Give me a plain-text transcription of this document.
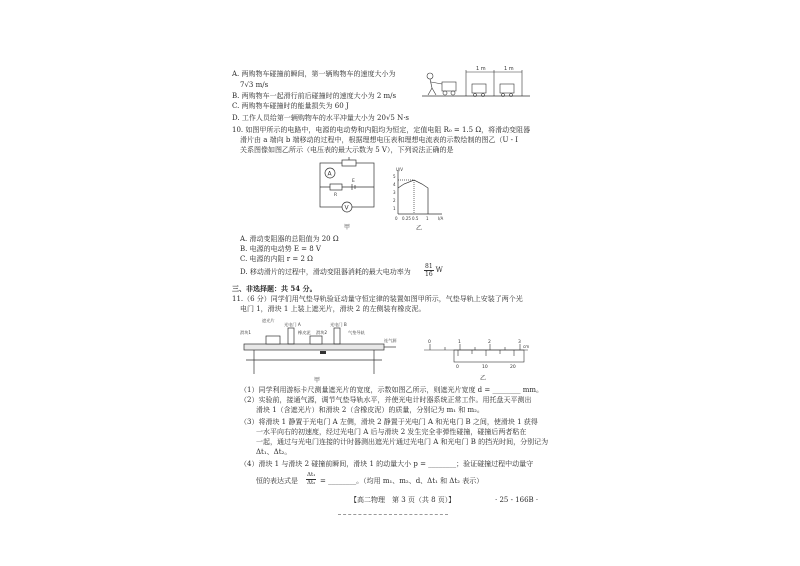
A. 两购物车碰撞前瞬间，第一辆购物车的速度大小为
7√3 m/s
B. 两购物车一起滑行前后碰撞时的速度大小为 2 m/s
C. 两购物车碰撞时的能量损失为 60 J
D. 工作人员给第一辆购物车的水平冲量大小为 20√5 N·s
1 m	1 m
10. 如图甲所示的电路中，电源的电动势和内阻均为恒定，定值电阻 R₀ = 1.5 Ω，将滑动变阻器
滑片由 a 端向 b 端移动的过程中，根据理想电压表和理想电流表的示数绘制的图乙（U - I
关系图像如图乙所示（电压表的最大示数为 5 V），下列说法正确的是
A
V
R
E
甲
U/V
I/A
5
4
3
2
1
0 0.25 0.5 1
乙
A. 滑动变阻器的总阻值为 20 Ω
B. 电源的电动势 E = 8 V
C. 电源的内阻 r = 2 Ω
D. 移动滑片的过程中，滑动变阻器消耗的最大电功率为 $\frac{81}{16}$ W
三、非选择题：共 54 分。
11.（6 分）同学们用气垫导轨验证动量守恒定律的装置如图甲所示，气垫导轨上安装了两个光
电门 1，滑块 1 上装上遮光片，滑块 2 的左侧装有橡皮泥。
遮光片
光电门 A	光电门 B
气垫导轨
滑块1	橡皮泥 滑块2
连气源
甲
0	1	2	3
cm
0	10	20
乙
（1）同学利用游标卡尺测量遮光片的宽度，示数如图乙所示，则遮光片宽度 d = ________ mm。
（2）实验前，接通气源，调节气垫导轨水平，并使光电计时器系统正常工作。用托盘天平测出
滑块 1（含遮光片）和滑块 2（含橡皮泥）的质量，分别记为 m₁ 和 m₂。
（3）将滑块 1 静置于光电门 A 左侧，滑块 2 静置于光电门 A 和光电门 B 之间，使滑块 1 获得
一水平向右的初速度，经过光电门 A 后与滑块 2 发生完全非弹性碰撞，碰撞后两者粘在
一起，通过与光电门连接的计时器测出遮光片通过光电门 A 和光电门 B 的挡光时间，分别记为
Δt₁、Δt₂。
（4）滑块 1 与滑块 2 碰撞前瞬间，滑块 1 的动量大小 p = ________；验证碰撞过程中动量守
恒的表达式是 $\frac{\text{Δt₁}}{\text{Δt₂}}$ = ________。（均用 m₁、m₂、d、Δt₁ 和 Δt₂ 表示）
【高二物理　第 3 页（共 8 页）】	· 25 - 166B ·
